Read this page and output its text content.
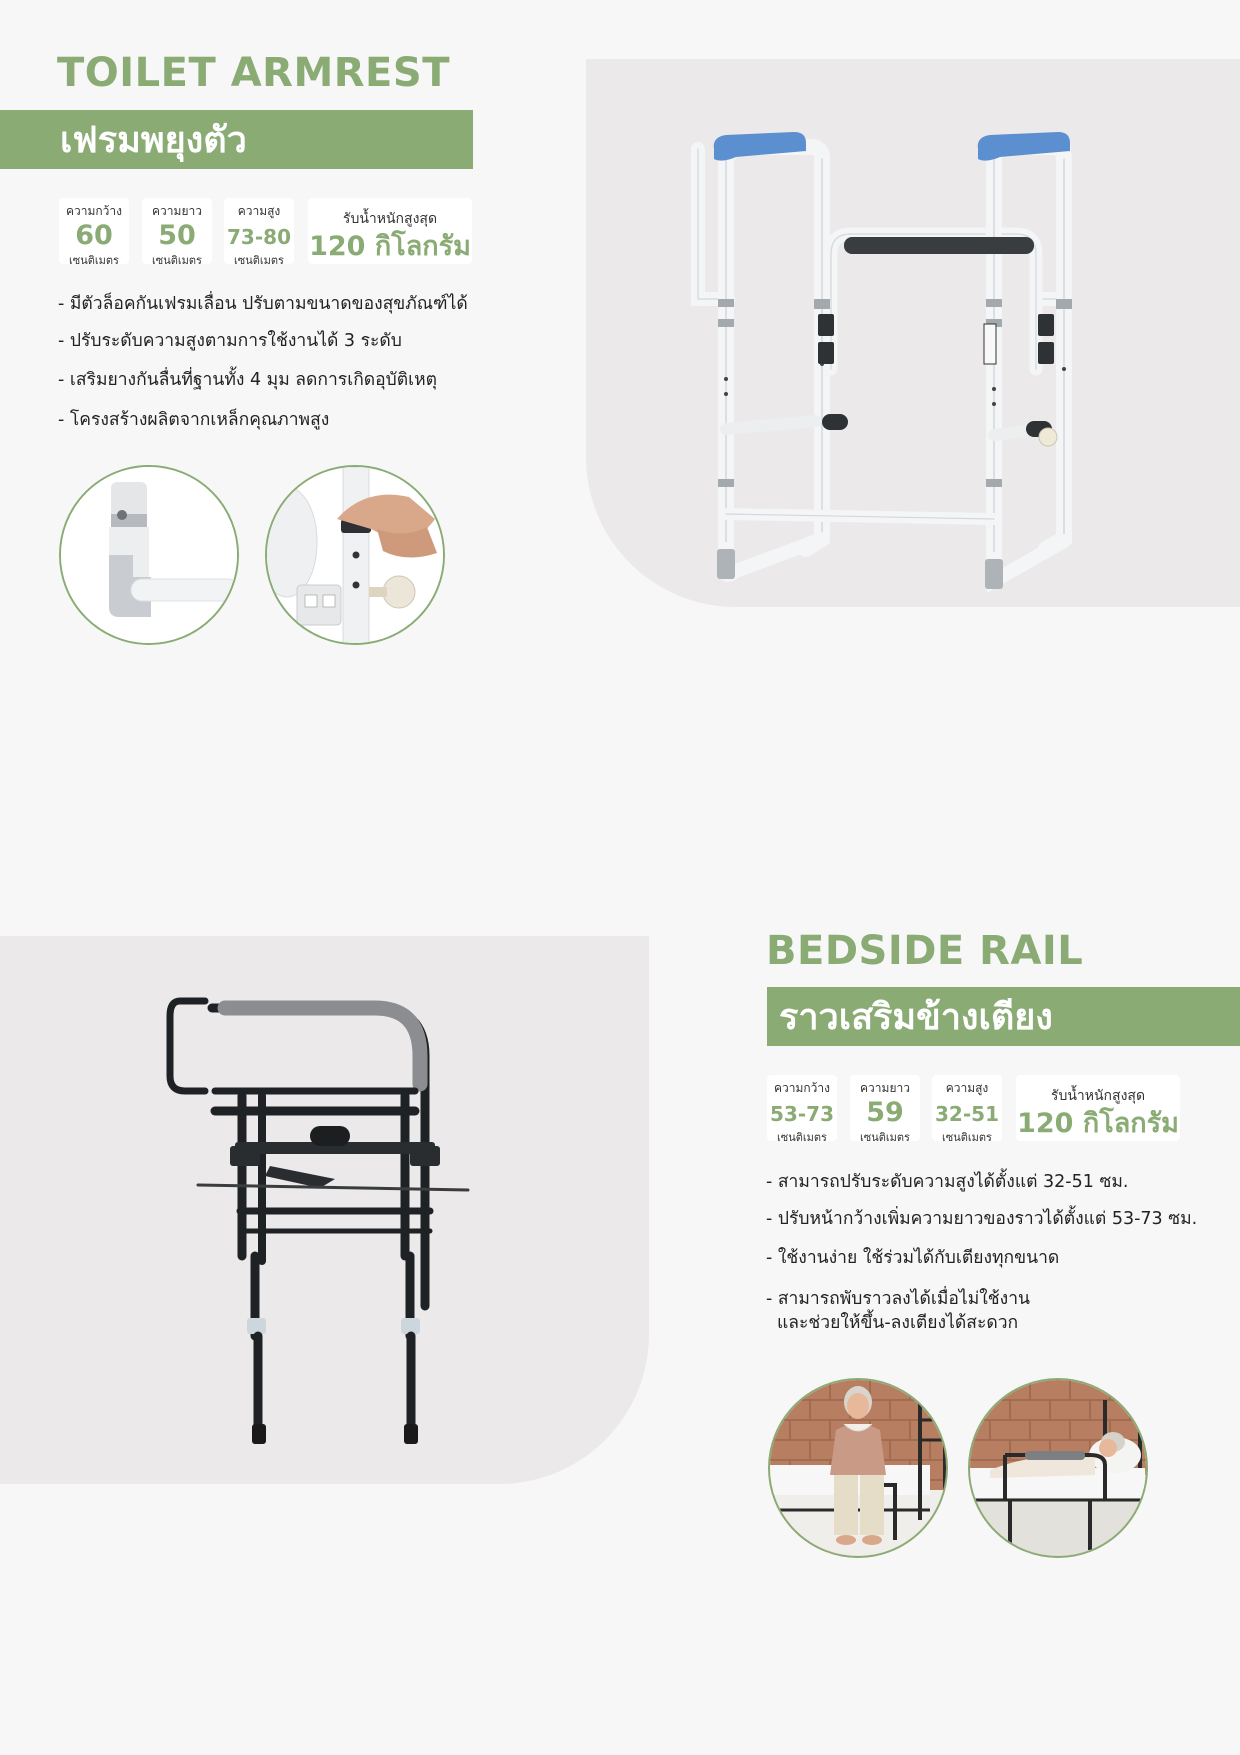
TOILET ARMREST
เฟรมพยุงตัว
ความกว้าง
60
เซนติเมตร
ความยาว
50
เซนติเมตร
ความสูง
73-80
เซนติเมตร
รับน้ำหนักสูงสุด
120 กิโลกรัม
- มีตัวล็อคกันเฟรมเลื่อน ปรับตามขนาดของสุขภัณฑ์ได้
- ปรับระดับความสูงตามการใช้งานได้ 3 ระดับ
- เสริมยางกันลื่นที่ฐานทั้ง 4 มุม ลดการเกิดอุบัติเหตุ
- โครงสร้างผลิตจากเหล็กคุณภาพสูง
BEDSIDE RAIL
ราวเสริมข้างเตียง
ความกว้าง
53-73
เซนติเมตร
ความยาว
59
เซนติเมตร
ความสูง
32-51
เซนติเมตร
รับน้ำหนักสูงสุด
120 กิโลกรัม
- สามารถปรับระดับความสูงได้ตั้งแต่ 32-51 ซม.
- ปรับหน้ากว้างเพิ่มความยาวของราวได้ตั้งแต่ 53-73 ซม.
- ใช้งานง่าย ใช้ร่วมได้กับเตียงทุกขนาด
- สามารถพับราวลงได้เมื่อไม่ใช้งาน
และช่วยให้ขึ้น-ลงเตียงได้สะดวก
